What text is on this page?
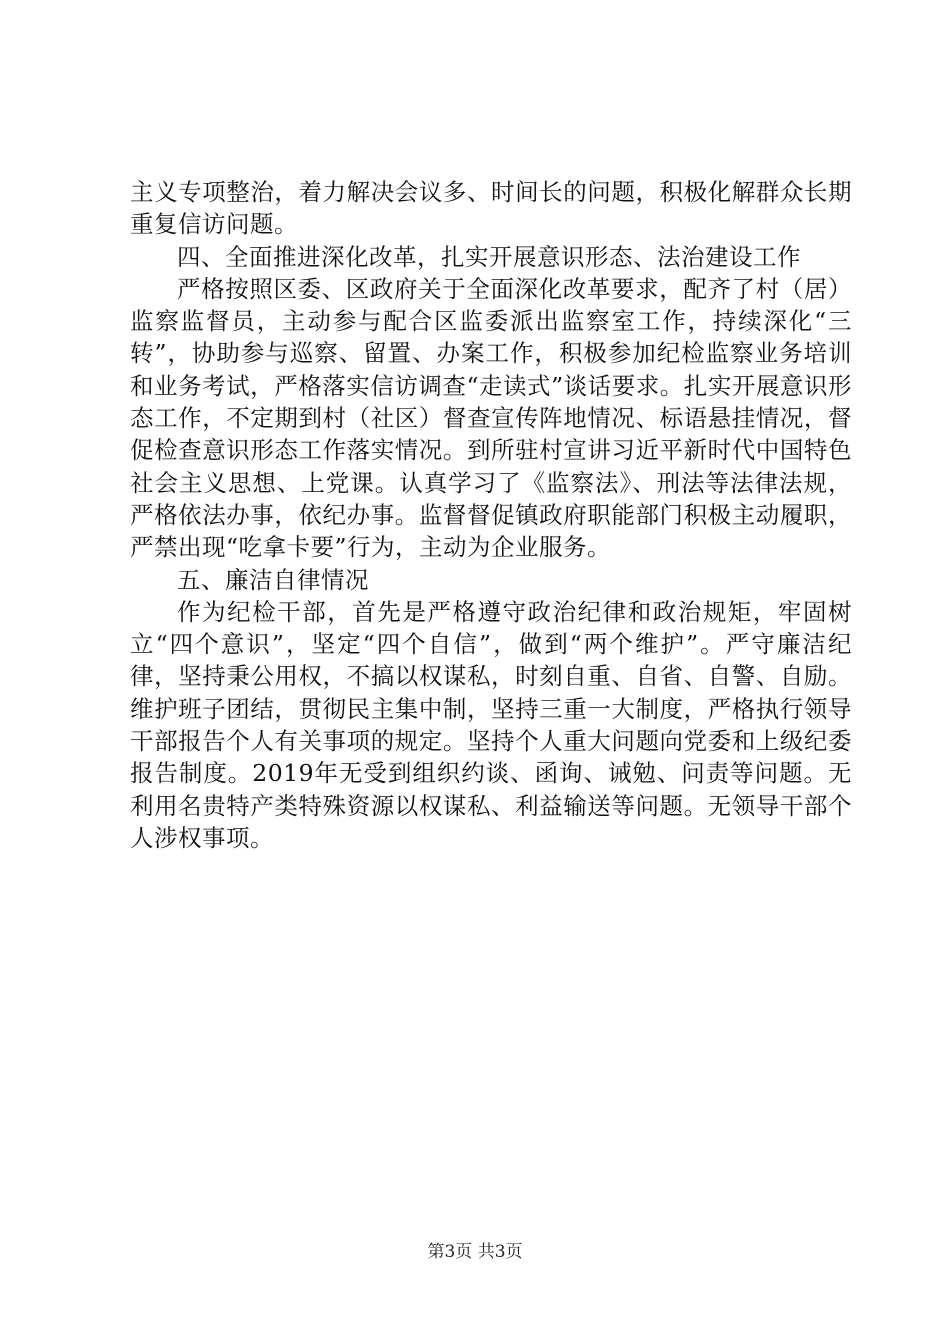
主义专项整治，着力解决会议多、时间长的问题，积极化解群众长期重复信访问题。

四、全面推进深化改革，扎实开展意识形态、法治建设工作

严格按照区委、区政府关于全面深化改革要求，配齐了村（居）监察监督员，主动参与配合区监委派出监察室工作，持续深化“三转”，协助参与巡察、留置、办案工作，积极参加纪检监察业务培训和业务考试，严格落实信访调查“走读式”谈话要求。扎实开展意识形态工作，不定期到村（社区）督查宣传阵地情况、标语悬挂情况，督促检查意识形态工作落实情况。到所驻村宣讲习近平新时代中国特色社会主义思想、上党课。认真学习了《监察法》、刑法等法律法规，严格依法办事，依纪办事。监督督促镇政府职能部门积极主动履职，严禁出现“吃拿卡要”行为，主动为企业服务。

五、廉洁自律情况

作为纪检干部，首先是严格遵守政治纪律和政治规矩，牢固树立“四个意识”，坚定“四个自信”，做到“两个维护”。严守廉洁纪律，坚持秉公用权，不搞以权谋私，时刻自重、自省、自警、自励。维护班子团结，贯彻民主集中制，坚持三重一大制度，严格执行领导干部报告个人有关事项的规定。坚持个人重大问题向党委和上级纪委报告制度。2019年无受到组织约谈、函询、诫勉、问责等问题。无利用名贵特产类特殊资源以权谋私、利益输送等问题。无领导干部个人涉权事项。

第3页 共3页
